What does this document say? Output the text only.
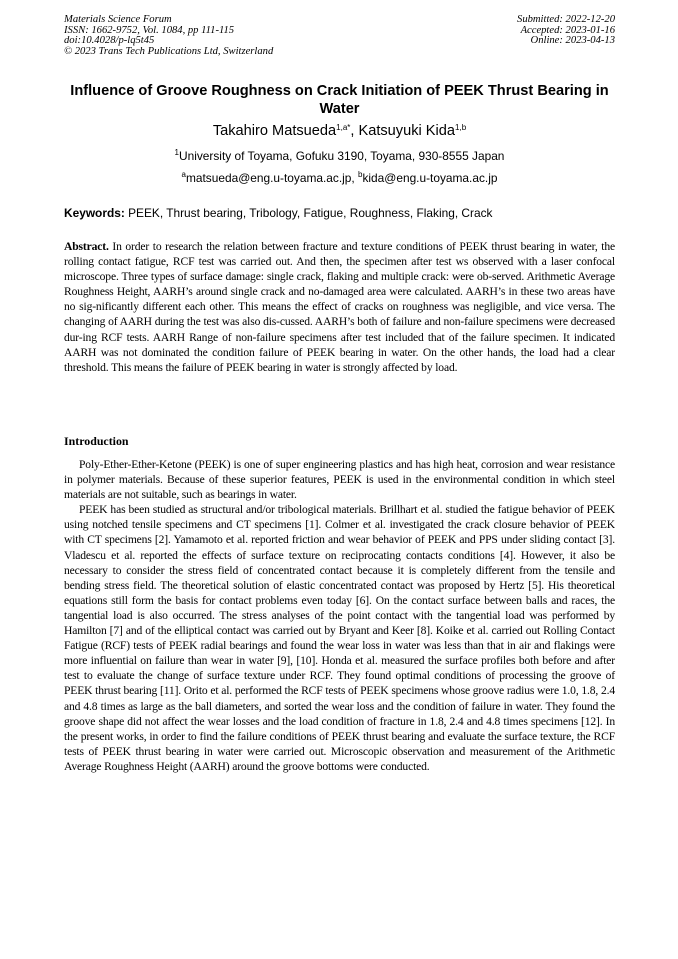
Materials Science Forum
ISSN: 1662-9752, Vol. 1084, pp 111-115
doi:10.4028/p-lq5t45
© 2023 Trans Tech Publications Ltd, Switzerland
Submitted: 2022-12-20
Accepted: 2023-01-16
Online: 2023-04-13
Influence of Groove Roughness on Crack Initiation of PEEK Thrust Bearing in Water
Takahiro Matsueda$^{1,a*}$, Katsuyuki Kida$^{1,b}$
$^1$University of Toyama, Gofuku 3190, Toyama, 930-8555 Japan
$^a$matsueda@eng.u-toyama.ac.jp, $^b$kida@eng.u-toyama.ac.jp
Keywords: PEEK, Thrust bearing, Tribology, Fatigue, Roughness, Flaking, Crack
Abstract. In order to research the relation between fracture and texture conditions of PEEK thrust bearing in water, the rolling contact fatigue, RCF test was carried out. And then, the specimen after test ws observed with a laser confocal microscope. Three types of surface damage: single crack, flaking and multiple crack: were ob-served. Arithmetic Average Roughness Height, AARH’s around single crack and no-damaged area were calculated. AARH’s in these two areas have no sig-nificantly different each other. This means the effect of cracks on roughness was negligible, and vice versa. The changing of AARH during the test was also dis-cussed. AARH’s both of failure and non-failure specimens were decreased dur-ing RCF tests. AARH Range of non-failure specimens after test included that of the failure specimen. It indicated AARH was not dominated the condition failure of PEEK bearing in water. On the other hands, the load had a clear threshold. This means the failure of PEEK bearing in water is strongly affected by load.
Introduction

Poly-Ether-Ether-Ketone (PEEK) is one of super engineering plastics and has high heat, corrosion and wear resistance in polymer materials. Because of these superior features, PEEK is used in the environmental condition in which steel materials are not suitable, such as bearings in water.

PEEK has been studied as structural and/or tribological materials. Brillhart et al. studied the fatigue behavior of PEEK using notched tensile specimens and CT specimens [1]. Colmer et al. investigated the crack closure behavior of PEEK with CT specimens [2]. Yamamoto et al. reported friction and wear behavior of PEEK and PPS under sliding contact [3]. Vladescu et al. reported the effects of surface texture on reciprocating contacts conditions [4]. However, it also be necessary to consider the stress field of concentrated contact because it is completely different from the tensile and bending stress field. The theoretical solution of elastic concentrated contact was proposed by Hertz [5]. His theoretical equations still form the basis for contact problems even today [6]. On the contact surface between balls and races, the tangential load is also occurred. The stress analyses of the point contact with the tangential load was performed by Hamilton [7] and of the elliptical contact was carried out by Bryant and Keer [8]. Koike et al. carried out Rolling Contact Fatigue (RCF) tests of PEEK radial bearings and found the wear loss in water was less than that in air and flakings were more influential on failure than wear in water [9], [10]. Honda et al. measured the surface profiles both before and after test to evaluate the change of surface texture under RCF. They found optimal conditions of processing the groove of PEEK thrust bearing [11]. Orito et al. performed the RCF tests of PEEK specimens whose groove radius were 1.0, 1.8, 2.4 and 4.8 times as large as the ball diameters, and sorted the wear loss and the condition of failure in water. They found the groove shape did not affect the wear losses and the load condition of fracture in 1.8, 2.4 and 4.8 times specimens [12]. In the present works, in order to find the failure conditions of PEEK thrust bearing and evaluate the surface texture, the RCF tests of PEEK thrust bearing in water were carried out. Microscopic observation and measurement of the Arithmetic Average Roughness Height (AARH) around the groove bottoms were conducted.
